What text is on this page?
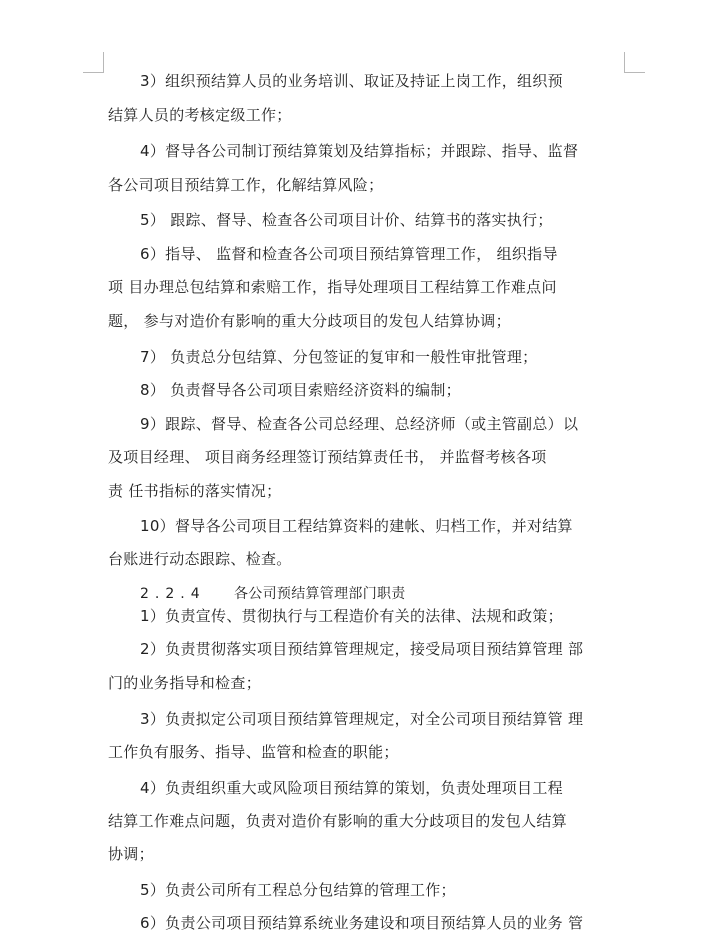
3）组织预结算人员的业务培训、取证及持证上岗工作，组织预
结算人员的考核定级工作；
4）督导各公司制订预结算策划及结算指标；并跟踪、指导、监督
各公司项目预结算工作，化解结算风险；
5） 跟踪、督导、检查各公司项目计价、结算书的落实执行；
6）指导、 监督和检查各公司项目预结算管理工作， 组织指导
项 目办理总包结算和索赔工作，指导处理项目工程结算工作难点问
题， 参与对造价有影响的重大分歧项目的发包人结算协调；
7） 负责总分包结算、分包签证的复审和一般性审批管理；
8） 负责督导各公司项目索赔经济资料的编制；
9）跟踪、督导、检查各公司总经理、总经济师（或主管副总）以
及项目经理、 项目商务经理签订预结算责任书， 并监督考核各项
责 任书指标的落实情况；
10）督导各公司项目工程结算资料的建帐、归档工作，并对结算
台账进行动态跟踪、检查。
2.2.4 各公司预结算管理部门职责
1）负责宣传、贯彻执行与工程造价有关的法律、法规和政策；
2）负责贯彻落实项目预结算管理规定，接受局项目预结算管理 部
门的业务指导和检查；
3）负责拟定公司项目预结算管理规定，对全公司项目预结算管 理
工作负有服务、指导、监管和检查的职能；
4）负责组织重大或风险项目预结算的策划，负责处理项目工程
结算工作难点问题，负责对造价有影响的重大分歧项目的发包人结算
协调；
5）负责公司所有工程总分包结算的管理工作；
6）负责公司项目预结算系统业务建设和项目预结算人员的业务 管
